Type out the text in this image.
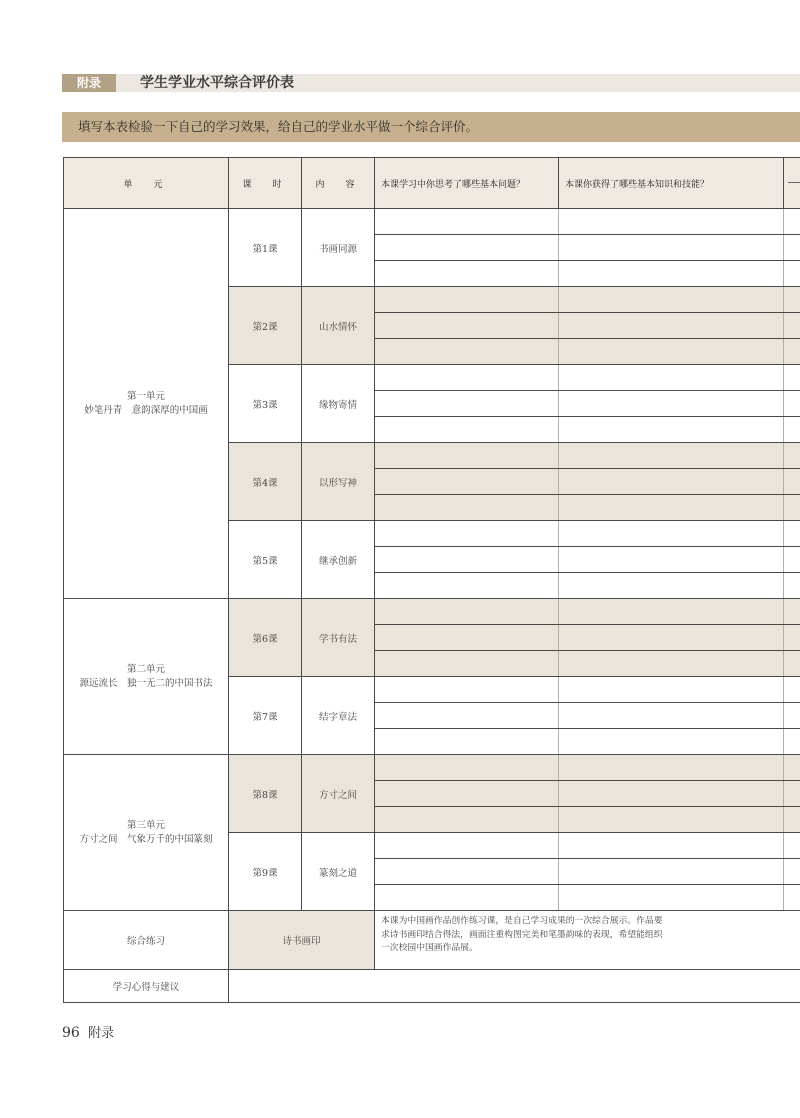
附录	学生学业水平综合评价表
填写本表检验一下自己的学习效果，给自己的学业水平做一个综合评价。
单　元	课　时	内　容	本课学习中你思考了哪些基本问题？	本课你获得了哪些基本知识和技能？	
第一单元
妙笔丹青　意韵深厚的中国画	第1课	书画同源			

	第2课	山水情怀			

	第3课	缘物寄情			

	第4课	以形写神			

	第5课	继承创新			

第二单元
源远流长　独一无二的中国书法	第6课	学书有法			

	第7课	结字章法			

第三单元
方寸之间　气象万千的中国篆刻	第8课	方寸之间			

	第9课	篆刻之道			

综合练习	诗书画印		本课为中国画作品创作练习课，是自己学习成果的一次综合展示。作品要
求诗书画印结合得法，画面注重构图完美和笔墨韵味的表现，希望能组织
一次校园中国画作品展。		
学习心得与建议					
96 附录
